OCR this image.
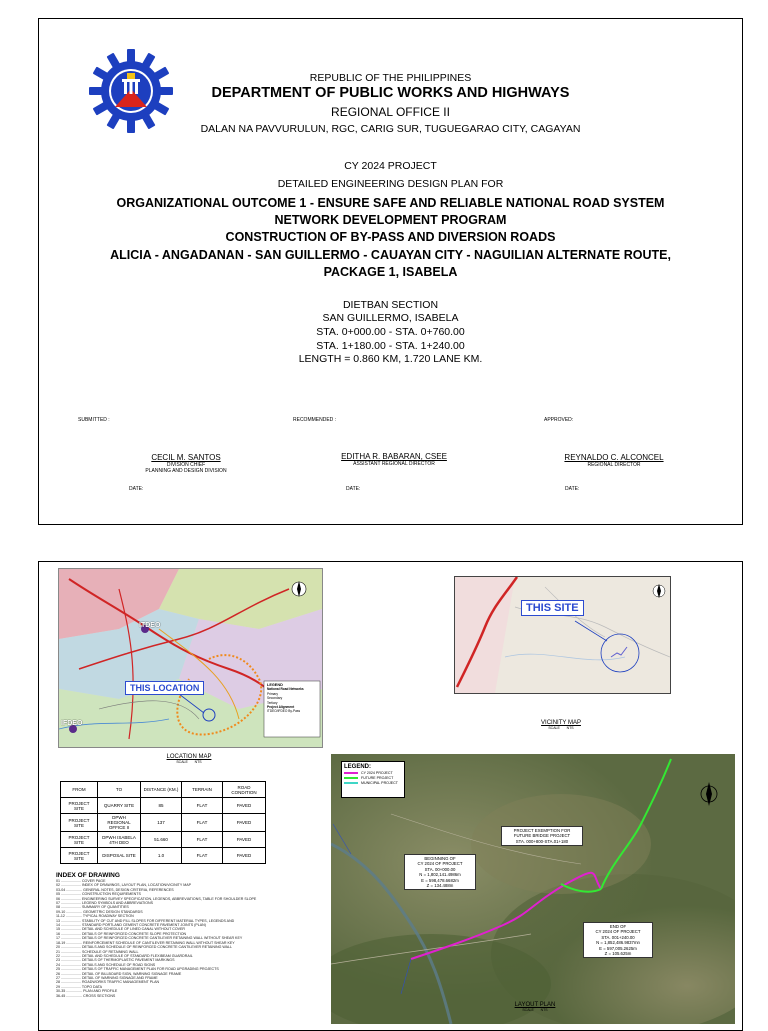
REPUBLIC OF THE PHILIPPINES
DEPARTMENT OF PUBLIC WORKS AND HIGHWAYS
REGIONAL OFFICE II
DALAN NA PAVVURULUN, RGC, CARIG SUR, TUGUEGARAO CITY, CAGAYAN
CY 2024 PROJECT
DETAILED ENGINEERING DESIGN PLAN FOR
ORGANIZATIONAL OUTCOME 1 - ENSURE SAFE AND RELIABLE NATIONAL ROAD SYSTEM
NETWORK DEVELOPMENT PROGRAM
CONSTRUCTION OF BY-PASS AND DIVERSION ROADS
ALICIA - ANGADANAN - SAN GUILLERMO - CAUAYAN CITY - NAGUILIAN ALTERNATE ROUTE,
PACKAGE 1, ISABELA
DIETBAN SECTION
SAN GUILLERMO, ISABELA
STA. 0+000.00 - STA. 0+760.00
STA. 1+180.00 - STA. 1+240.00
LENGTH = 0.860 KM, 1.720 LANE KM.
SUBMITTED :	RECOMMENDED :	APPROVED:
CECIL M. SANTOS
DIVISION CHIEF
PLANNING AND DESIGN DIVISION
EDITHA R. BABARAN, CSEE
ASSISTANT REGIONAL DIRECTOR
REYNALDO C. ALCONCEL
REGIONAL DIRECTOR
DATE:	DATE:	DATE:
THIS LOCATION
ITDEO
IFDEO
LEGEND
National Road Networks
Primary
Secondary
Tertiary
Project Alignment
ITDEO/IFDEO By-Pass
LOCATION MAP
SCALE NTS
THIS SITE
VICINITY MAP
SCALE NTS
FROM	TO	DISTANCE (KM.)	TERRAIN	ROAD CONDITION
PROJECT SITE	QUARRY SITE	85	FLAT	PAVED
PROJECT SITE	DPWH REGIONAL OFFICE II	137	FLAT	PAVED
PROJECT SITE	DPWH ISABELA 4TH DEO	51.660	FLAT	PAVED
PROJECT SITE	DISPOSAL SITE	1.0	FLAT	PAVED
INDEX OF DRAWING
01 .................... COVER PAGE
02 .................... INDEX OF DRAWINGS, LAYOUT PLAN, LOCATION/VICINITY MAP
03-04 ................ GENERAL NOTES, DESIGN CRITERIA, REFERENCES
05 .................... CONSTRUCTION REQUIREMENTS
06 .................... ENGINEERING SURVEY SPECIFICATION, LEGENDS, ABBREVIATIONS, TABLE FOR SHOULDER SLOPE
07 .................... LEGEND SYMBOLS AND ABBREVIATIONS
08 .................... SUMMARY OF QUANTITIES
09-10 ................ GEOMETRIC DESIGN STANDARDS
11-12 ................ TYPICAL ROADWAY SECTION
13 .................... STABILITY OF CUT AND FILL SLOPES FOR DIFFERENT MATERIAL TYPES, LEGENDS AND
14 .................... STANDARD PORTLAND CEMENT CONCRETE PAVEMENT JOINTS (PLAN)
15 .................... DETAIL AND SCHEDULE OF LINED CANAL WITHOUT COVER
16 .................... DETAILS OF REINFORCED CONCRETE SLOPE PROTECTION
17 .................... DETAILS OF REINFORCED CONCRETE CANTILEVER RETAINING WALL WITHOUT SHEAR KEY
18-19 ................ REINFORCEMENT SCHEDULE OF CANTILEVER RETAINING WALL WITHOUT SHEAR KEY
20 .................... DETAILS AND SCHEDULE OF REINFORCED CONCRETE CANTILEVER RETAINING WALL
21 .................... SCHEDULE OF RETAINING WALL
22 .................... DETAIL AND SCHEDULE OF STANDARD FLEXIBEAM GUARDRAIL
23 .................... DETAILS OF THERMOPLASTIC PAVEMENT MARKINGS
24 .................... DETAILS AND SCHEDULE OF ROAD SIGNS
25 .................... DETAILS OF TRAFFIC MANAGEMENT PLAN FOR ROAD UPGRADING PROJECTS
26 .................... DETAIL OF BILLBOARD SIGN, WARNING SIGNAGE FRAME
27 .................... DETAIL OF WARNING SIGNAGE AND FRAME
28 .................... ROADWORKS TRAFFIC MANAGEMENT PLAN
29 .................... TOPO DATA
30-35 ................ PLAN AND PROFILE
36-45 ................ CROSS SECTIONS
LEGEND:
CY 2024 PROJECT
FUTURE PROJECT
MUNICIPAL PROJECT
BEGINNING OF
CY 2024 OF PROJECT
STA. 00+000.00
N = 1,802,141.4986m
E = 598,478.6682m
Z = 134.488m
PROJECT EXEMPTION FOR
FUTURE BRIDGE PROJECT
STA. 000+800-STA.01+180
END OF
CY 2024 OF PROJECT
STA. 001+240.00
N = 1,852,486.9837mn
E = 597,005.2625m
Z = 105.625m
LAYOUT PLAN
SCALE NTS
